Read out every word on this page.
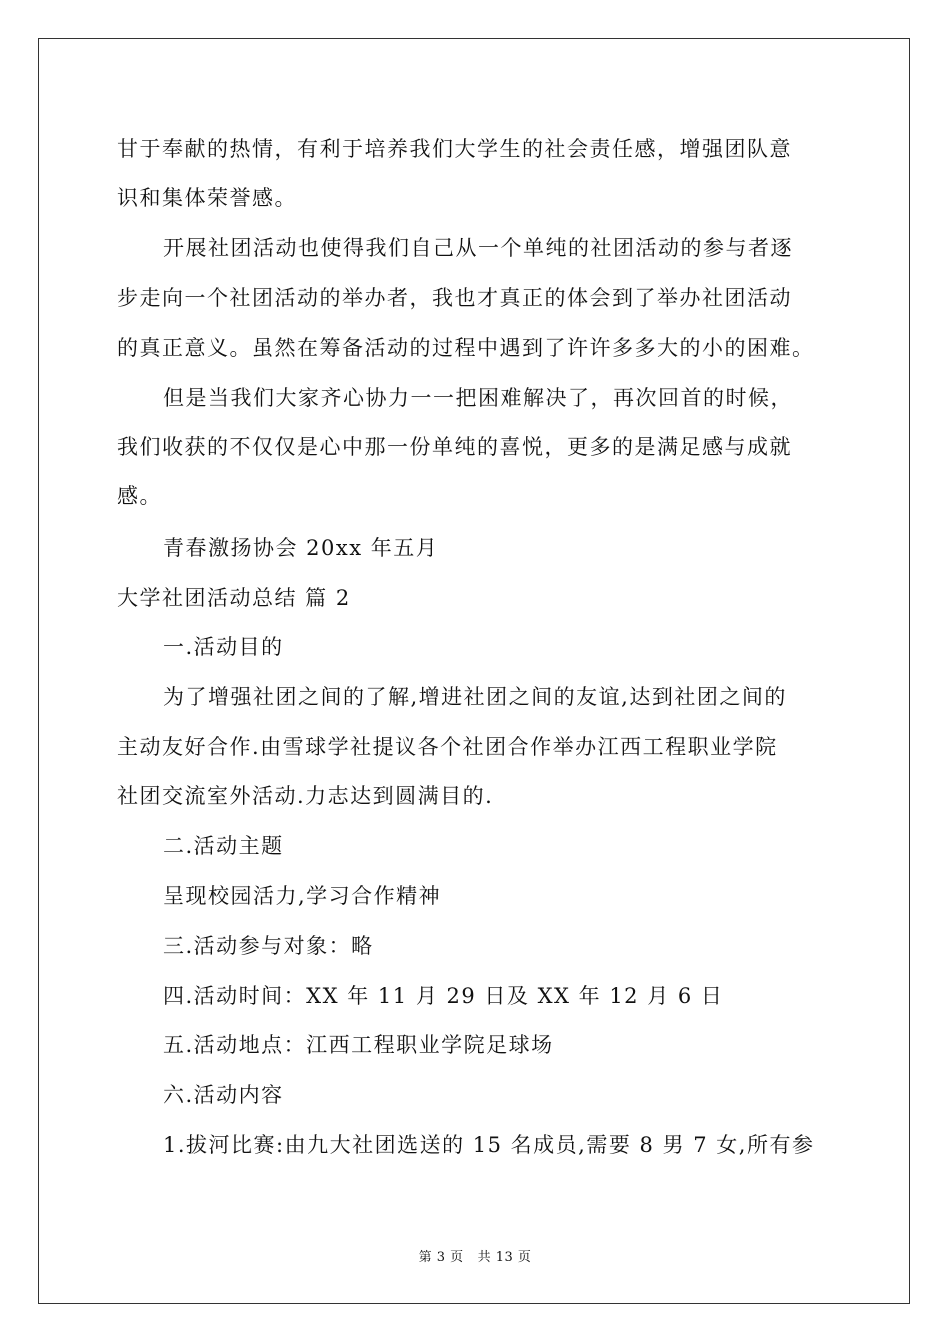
甘于奉献的热情，有利于培养我们大学生的社会责任感，增强团队意
识和集体荣誉感。
开展社团活动也使得我们自己从一个单纯的社团活动的参与者逐
步走向一个社团活动的举办者，我也才真正的体会到了举办社团活动
的真正意义。虽然在筹备活动的过程中遇到了许许多多大的小的困难。
但是当我们大家齐心协力一一把困难解决了，再次回首的时候，
我们收获的不仅仅是心中那一份单纯的喜悦，更多的是满足感与成就
感。
青春激扬协会 20xx 年五月
大学社团活动总结 篇 2
一.活动目的
为了增强社团之间的了解,增进社团之间的友谊,达到社团之间的
主动友好合作.由雪球学社提议各个社团合作举办江西工程职业学院
社团交流室外活动.力志达到圆满目的.
二.活动主题
呈现校园活力,学习合作精神
三.活动参与对象：略
四.活动时间：XX 年 11 月 29 日及 XX 年 12 月 6 日
五.活动地点：江西工程职业学院足球场
六.活动内容
1.拔河比赛:由九大社团选送的 15 名成员,需要 8 男 7 女,所有参
第 3 页 共 13 页
